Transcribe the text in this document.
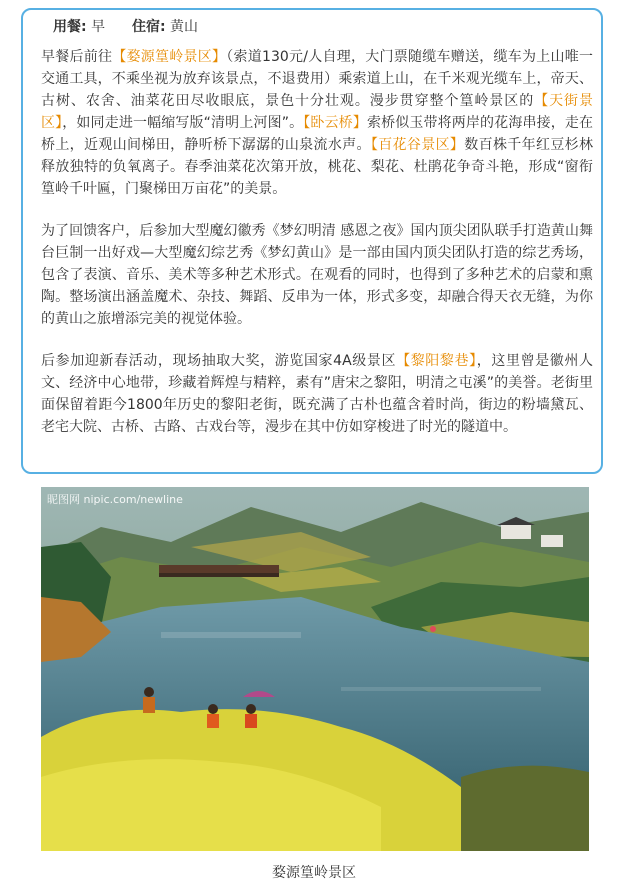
用餐: 早 住宿: 黄山

早餐后前往【婺源篁岭景区】（索道130元/人自理，大门票随缆车赠送，缆车为上山唯一交通工具，不乘坐视为放弃该景点，不退费用）乘索道上山，在千米观光缆车上，帝天、古树、农舍、油菜花田尽收眼底，景色十分壮观。漫步贯穿整个篁岭景区的【天街景区】，如同走进一幅缩写版“清明上河图”。【卧云桥】索桥似玉带将两岸的花海串接，走在桥上，近观山间梯田，静听桥下潺潺的山泉流水声。【百花谷景区】数百株千年红豆杉林释放独特的负氧离子。春季油菜花次第开放，桃花、梨花、杜鹃花争奇斗艳，形成“窗衔篁岭千叶匾，门聚梯田万亩花”的美景。

为了回馈客户，后参加大型魔幻徽秀《梦幻明清 感恩之夜》国内顶尖团队联手打造黄山舞台巨制一出好戏—大型魔幻综艺秀《梦幻黄山》是一部由国内顶尖团队打造的综艺秀场，包含了表演、音乐、美术等多种艺术形式。在观看的同时，也得到了多种艺术的启蒙和熏陶。整场演出涵盖魔术、杂技、舞蹈、反串为一体，形式多变，却融合得天衣无缝，为你的黄山之旅增添完美的视觉体验。

后参加迎新春活动，现场抽取大奖，游览国家4A级景区【黎阳黎巷】，这里曾是徽州人文、经济中心地带，珍藏着辉煌与精粹，素有”唐宋之黎阳，明清之屯溪”的美誉。老街里面保留着距今1800年历史的黎阳老街，既充满了古朴也蕴含着时尚，街边的粉墙黛瓦、老宅大院、古桥、古路、古戏台等，漫步在其中仿如穿梭进了时光的隧道中。

昵图网 nipic.com/newline
婺源篁岭景区
